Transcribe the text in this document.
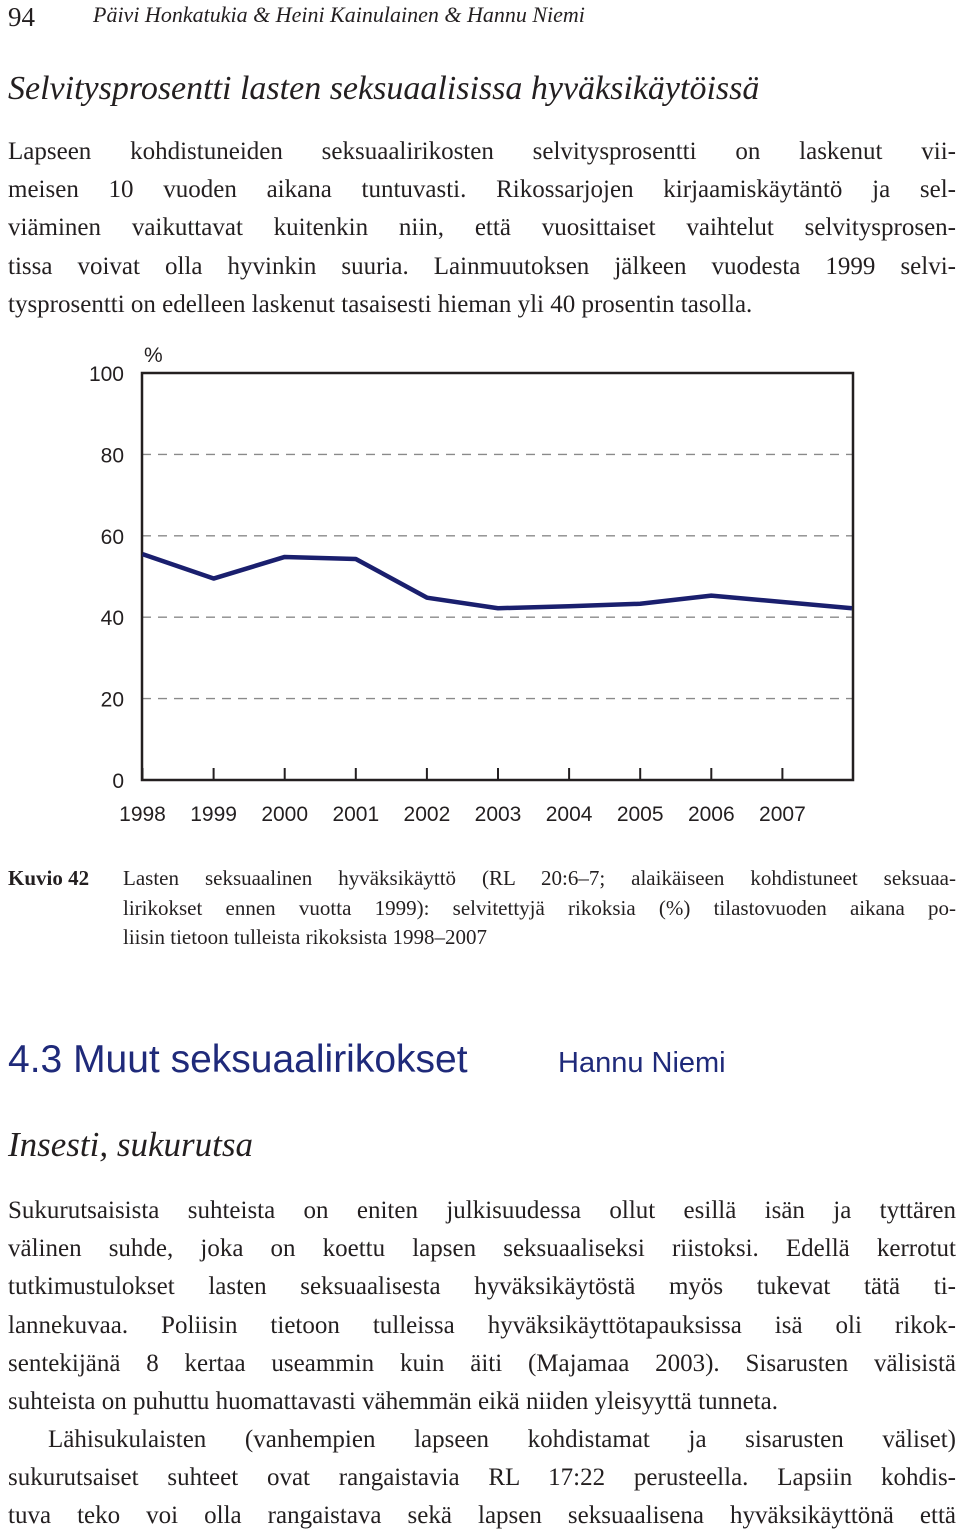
94	Päivi Honkatukia & Heini Kainulainen & Hannu Niemi
Selvitysprosentti lasten seksuaalisissa hyväksikäytöissä
Lapseen kohdistuneiden seksuaalirikosten selvitysprosentti on laskenut vii-
meisen 10 vuoden aikana tuntuvasti. Rikossarjojen kirjaamiskäytäntö ja sel-
viäminen vaikuttavat kuitenkin niin, että vuosittaiset vaihtelut selvitysprosen-
tissa voivat olla hyvinkin suuria. Lainmuutoksen jälkeen vuodesta 1999 selvi-
tysprosentti on edelleen laskenut tasaisesti hieman yli 40 prosentin tasolla.
0
20
40
60
80
100
%
1998 1999 2000 2001 2002 2003 2004 2005 2006 2007
Kuvio 42 Lasten seksuaalinen hyväksikäyttö (RL 20:6–7; alaikäiseen kohdistuneet seksuaa-
lirikokset ennen vuotta 1999): selvitettyjä rikoksia (%) tilastovuoden aikana po-
liisin tietoon tulleista rikoksista 1998–2007
4.3 Muut seksuaalirikokset	Hannu Niemi
Insesti, sukurutsa
Sukurutsaisista suhteista on eniten julkisuudessa ollut esillä isän ja tyttären
välinen suhde, joka on koettu lapsen seksuaaliseksi riistoksi. Edellä kerrotut
tutkimustulokset lasten seksuaalisesta hyväksikäytöstä myös tukevat tätä ti-
lannekuvaa. Poliisin tietoon tulleissa hyväksikäyttötapauksissa isä oli rikok-
sentekijänä 8 kertaa useammin kuin äiti (Majamaa 2003). Sisarusten välisistä
suhteista on puhuttu huomattavasti vähemmän eikä niiden yleisyyttä tunneta.
Lähisukulaisten (vanhempien lapseen kohdistamat ja sisarusten väliset)
sukurutsaiset suhteet ovat rangaistavia RL 17:22 perusteella. Lapsiin kohdis-
tuva teko voi olla rangaistava sekä lapsen seksuaalisena hyväksikäyttönä että
